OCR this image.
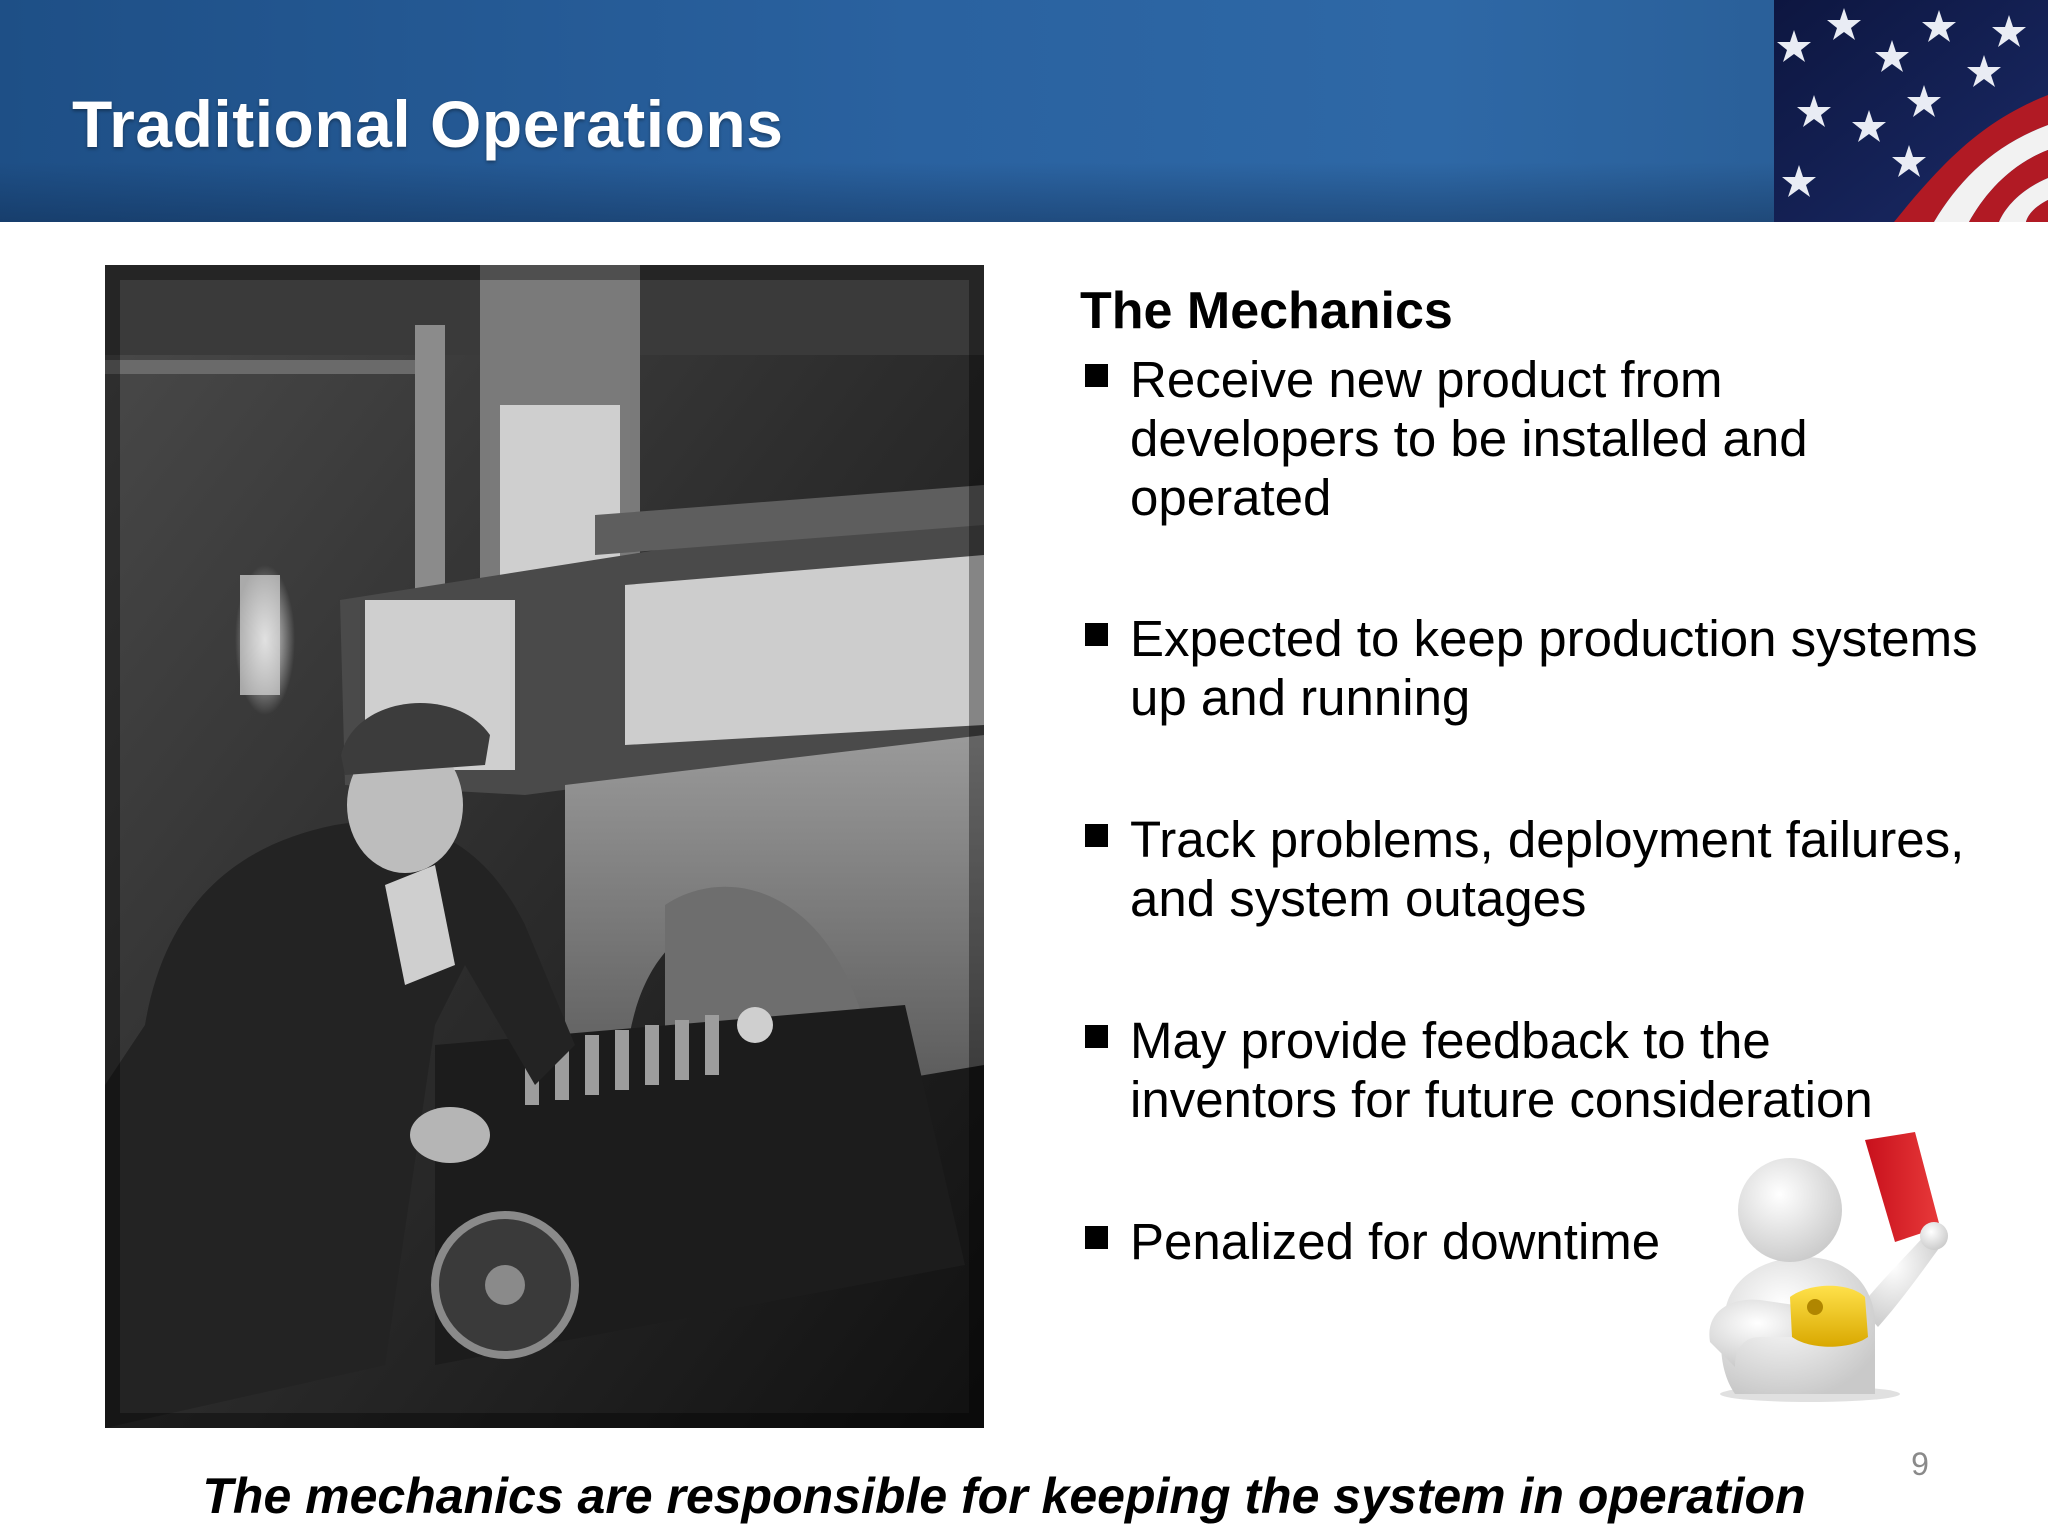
Traditional Operations
The Mechanics
Receive new product from developers to be installed and operated
Expected to keep production systems up and running
Track problems, deployment failures, and system outages
May provide feedback to the inventors for future consideration
Penalized for downtime
9

The mechanics are responsible for keeping the system in operation
